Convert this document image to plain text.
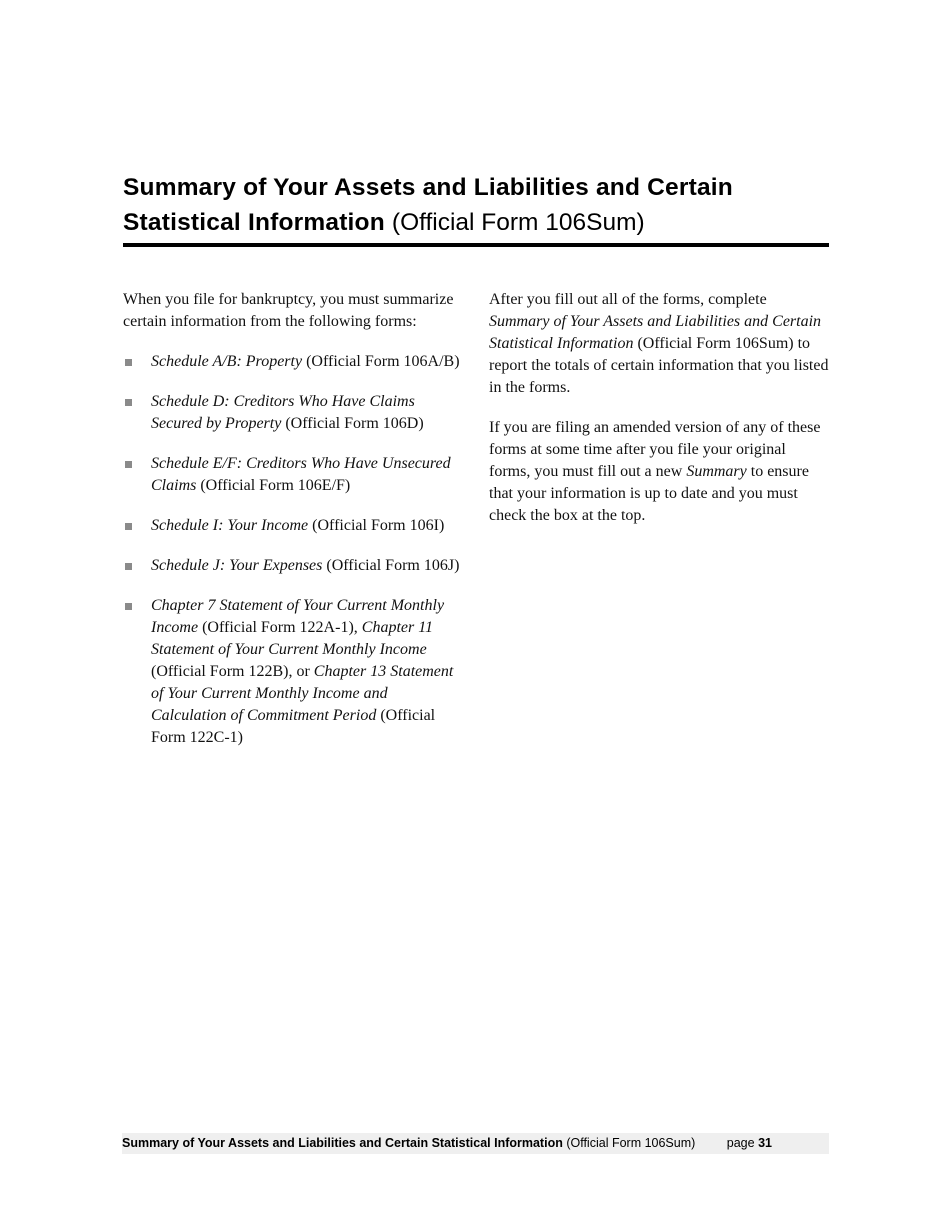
Summary of Your Assets and Liabilities and Certain Statistical Information (Official Form 106Sum)

When you file for bankruptcy, you must summarize certain information from the following forms:

Schedule A/B: Property (Official Form 106A/B)
Schedule D: Creditors Who Have Claims Secured by Property (Official Form 106D)
Schedule E/F: Creditors Who Have Unsecured Claims (Official Form 106E/F)
Schedule I: Your Income (Official Form 106I)
Schedule J: Your Expenses (Official Form 106J)
Chapter 7 Statement of Your Current Monthly Income (Official Form 122A-1), Chapter 11 Statement of Your Current Monthly Income (Official Form 122B), or Chapter 13 Statement of Your Current Monthly Income and Calculation of Commitment Period (Official Form 122C-1)

After you fill out all of the forms, complete Summary of Your Assets and Liabilities and Certain Statistical Information (Official Form 106Sum) to report the totals of certain information that you listed in the forms.

If you are filing an amended version of any of these forms at some time after you file your original forms, you must fill out a new Summary to ensure that your information is up to date and you must check the box at the top.

Summary of Your Assets and Liabilities and Certain Statistical Information (Official Form 106Sum)	page 31
